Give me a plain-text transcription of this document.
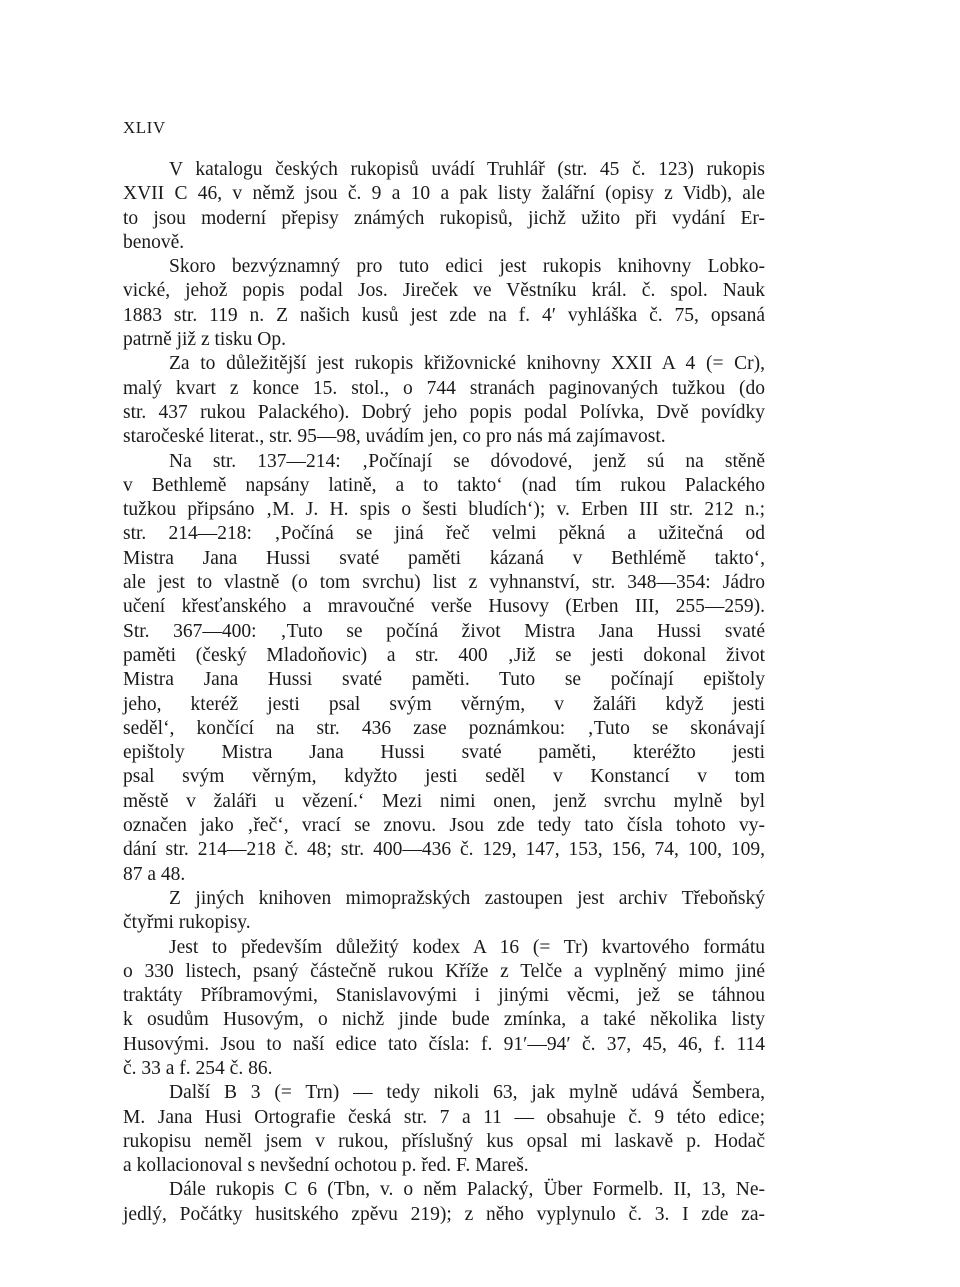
XLIV
V katalogu českých rukopisů uvádí Truhlář (str. 45 č. 123) rukopis
XVII C 46, v němž jsou č. 9 a 10 a pak listy žalářní (opisy z Vidb), ale
to jsou moderní přepisy známých rukopisů, jichž užito při vydání Er-
benově.
Skoro bezvýznamný pro tuto edici jest rukopis knihovny Lobko-
vické, jehož popis podal Jos. Jireček ve Věstníku král. č. spol. Nauk
1883 str. 119 n. Z našich kusů jest zde na f. 4′ vyhláška č. 75, opsaná
patrně již z tisku Op.
Za to důležitější jest rukopis křižovnické knihovny XXII A 4 (= Cr),
malý kvart z konce 15. stol., o 744 stranách paginovaných tužkou (do
str. 437 rukou Palackého). Dobrý jeho popis podal Polívka, Dvě povídky
staročeské literat., str. 95—98, uvádím jen, co pro nás má zajímavost.
Na str. 137—214: ‚Počínají se dóvodové, jenž sú na stěně
v Bethlemě napsány latině, a to takto‘ (nad tím rukou Palackého
tužkou připsáno ‚M. J. H. spis o šesti bludích‘); v. Erben III str. 212 n.;
str. 214—218: ‚Počíná se jiná řeč velmi pěkná a užitečná od
Mistra Jana Hussi svaté paměti kázaná v Bethlémě takto‘,
ale jest to vlastně (o tom svrchu) list z vyhnanství, str. 348—354: Jádro
učení křesťanského a mravoučné verše Husovy (Erben III, 255—259).
Str. 367—400: ‚Tuto se počíná život Mistra Jana Hussi svaté
paměti (český Mladoňovic) a str. 400 ‚Již se jesti dokonal život
Mistra Jana Hussi svaté paměti. Tuto se počínají epištoly
jeho, kteréž jesti psal svým věrným, v žaláři když jesti
seděl‘, končící na str. 436 zase poznámkou: ‚Tuto se skonávají
epištoly Mistra Jana Hussi svaté paměti, kteréžto jesti
psal svým věrným, kdyžto jesti seděl v Konstancí v tom
městě v žaláři u vězení.‘ Mezi nimi onen, jenž svrchu mylně byl
označen jako ‚řeč‘, vrací se znovu. Jsou zde tedy tato čísla tohoto vy-
dání str. 214—218 č. 48; str. 400—436 č. 129, 147, 153, 156, 74, 100, 109,
87 a 48.
Z jiných knihoven mimopražských zastoupen jest archiv Třeboňský
čtyřmi rukopisy.
Jest to především důležitý kodex A 16 (= Tr) kvartového formátu
o 330 listech, psaný částečně rukou Kříže z Telče a vyplněný mimo jiné
traktáty Příbramovými, Stanislavovými i jinými věcmi, jež se táhnou
k osudům Husovým, o nichž jinde bude zmínka, a také několika listy
Husovými. Jsou to naší edice tato čísla: f. 91′—94′ č. 37, 45, 46, f. 114
č. 33 a f. 254 č. 86.
Další B 3 (= Trn) — tedy nikoli 63, jak mylně udává Šembera,
M. Jana Husi Ortografie česká str. 7 a 11 — obsahuje č. 9 této edice;
rukopisu neměl jsem v rukou, příslušný kus opsal mi laskavě p. Hodač
a kollacionoval s nevšední ochotou p. řed. F. Mareš.
Dále rukopis C 6 (Tbn, v. o něm Palacký, Über Formelb. II, 13, Ne-
jedlý, Počátky husitského zpěvu 219); z něho vyplynulo č. 3. I zde za-
